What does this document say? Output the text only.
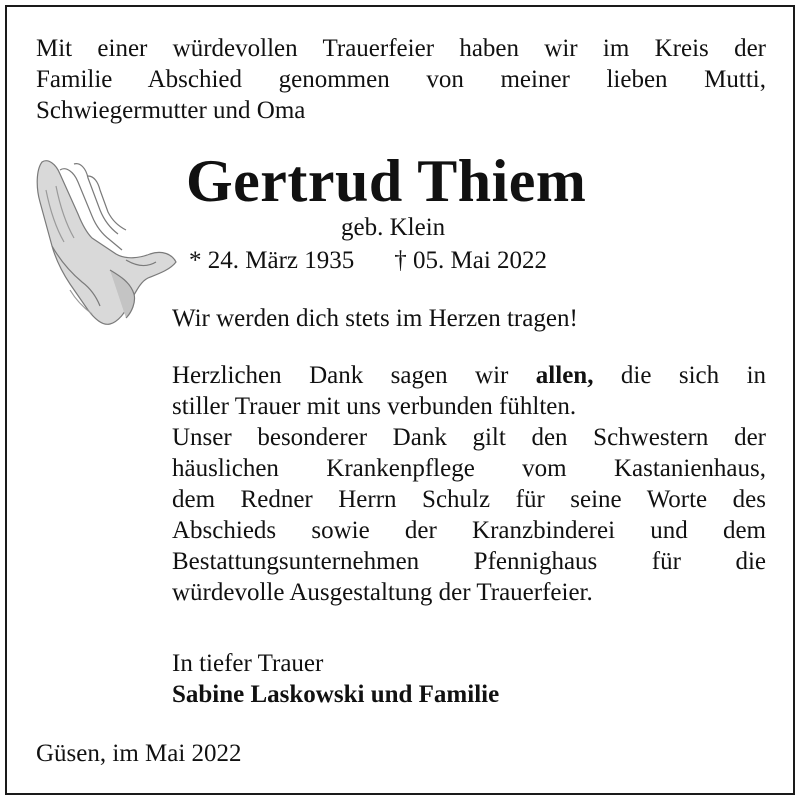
Mit einer würdevollen Trauerfeier haben wir im Kreis der
Familie Abschied genommen von meiner lieben Mutti,
Schwiegermutter und Oma
Gertrud Thiem
geb. Klein
* 24. März 1935 † 05. Mai 2022
Wir werden dich stets im Herzen tragen!
Herzlichen Dank sagen wir allen, die sich in
stiller Trauer mit uns verbunden fühlten.
Unser besonderer Dank gilt den Schwestern der
häuslichen Krankenpflege vom Kastanienhaus,
dem Redner Herrn Schulz für seine Worte des
Abschieds sowie der Kranzbinderei und dem
Bestattungsunternehmen Pfennighaus für die
würdevolle Ausgestaltung der Trauerfeier.
In tiefer Trauer
Sabine Laskowski und Familie
Güsen, im Mai 2022
